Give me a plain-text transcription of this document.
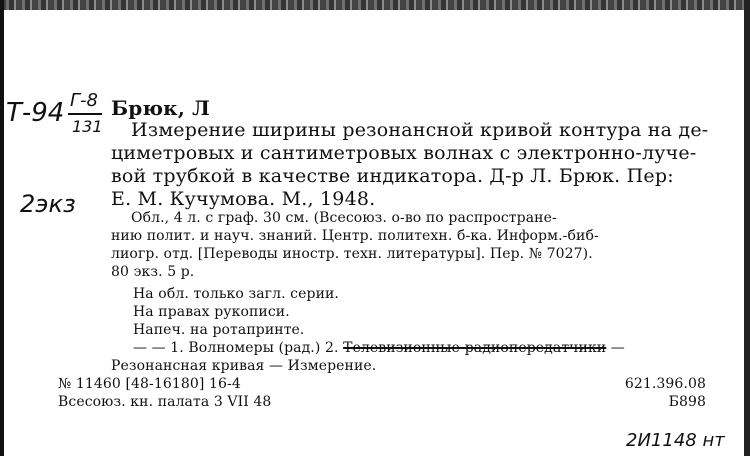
Т-94 Г-8
131
2экз
Брюк, Л
Измерение ширины резонансной кривой контура на де-
циметровых и сантиметровых волнах с электронно-луче-
вой трубкой в качестве индикатора. Д-р Л. Брюк. Пер:
Е. М. Кучумова. М., 1948.
Обл., 4 л. с граф. 30 см. (Всесоюз. о-во по распростране-
нию полит. и науч. знаний. Центр. политехн. б-ка. Информ.-биб-
лиогр. отд. [Переводы иностр. техн. литературы]. Пер. № 7027).
80 экз. 5 р.
На обл. только загл. серии.
На правах рукописи.
Напеч. на ротапринте.
— — 1. Волномеры (рад.) 2. Телевизионные-радиопередатчики —
Резонансная кривая — Измерение.
№ 11460 [48-16180] 16-4
Всесоюз. кн. палата 3 VII 48
621.396.08
Б898
2И1148 нт
